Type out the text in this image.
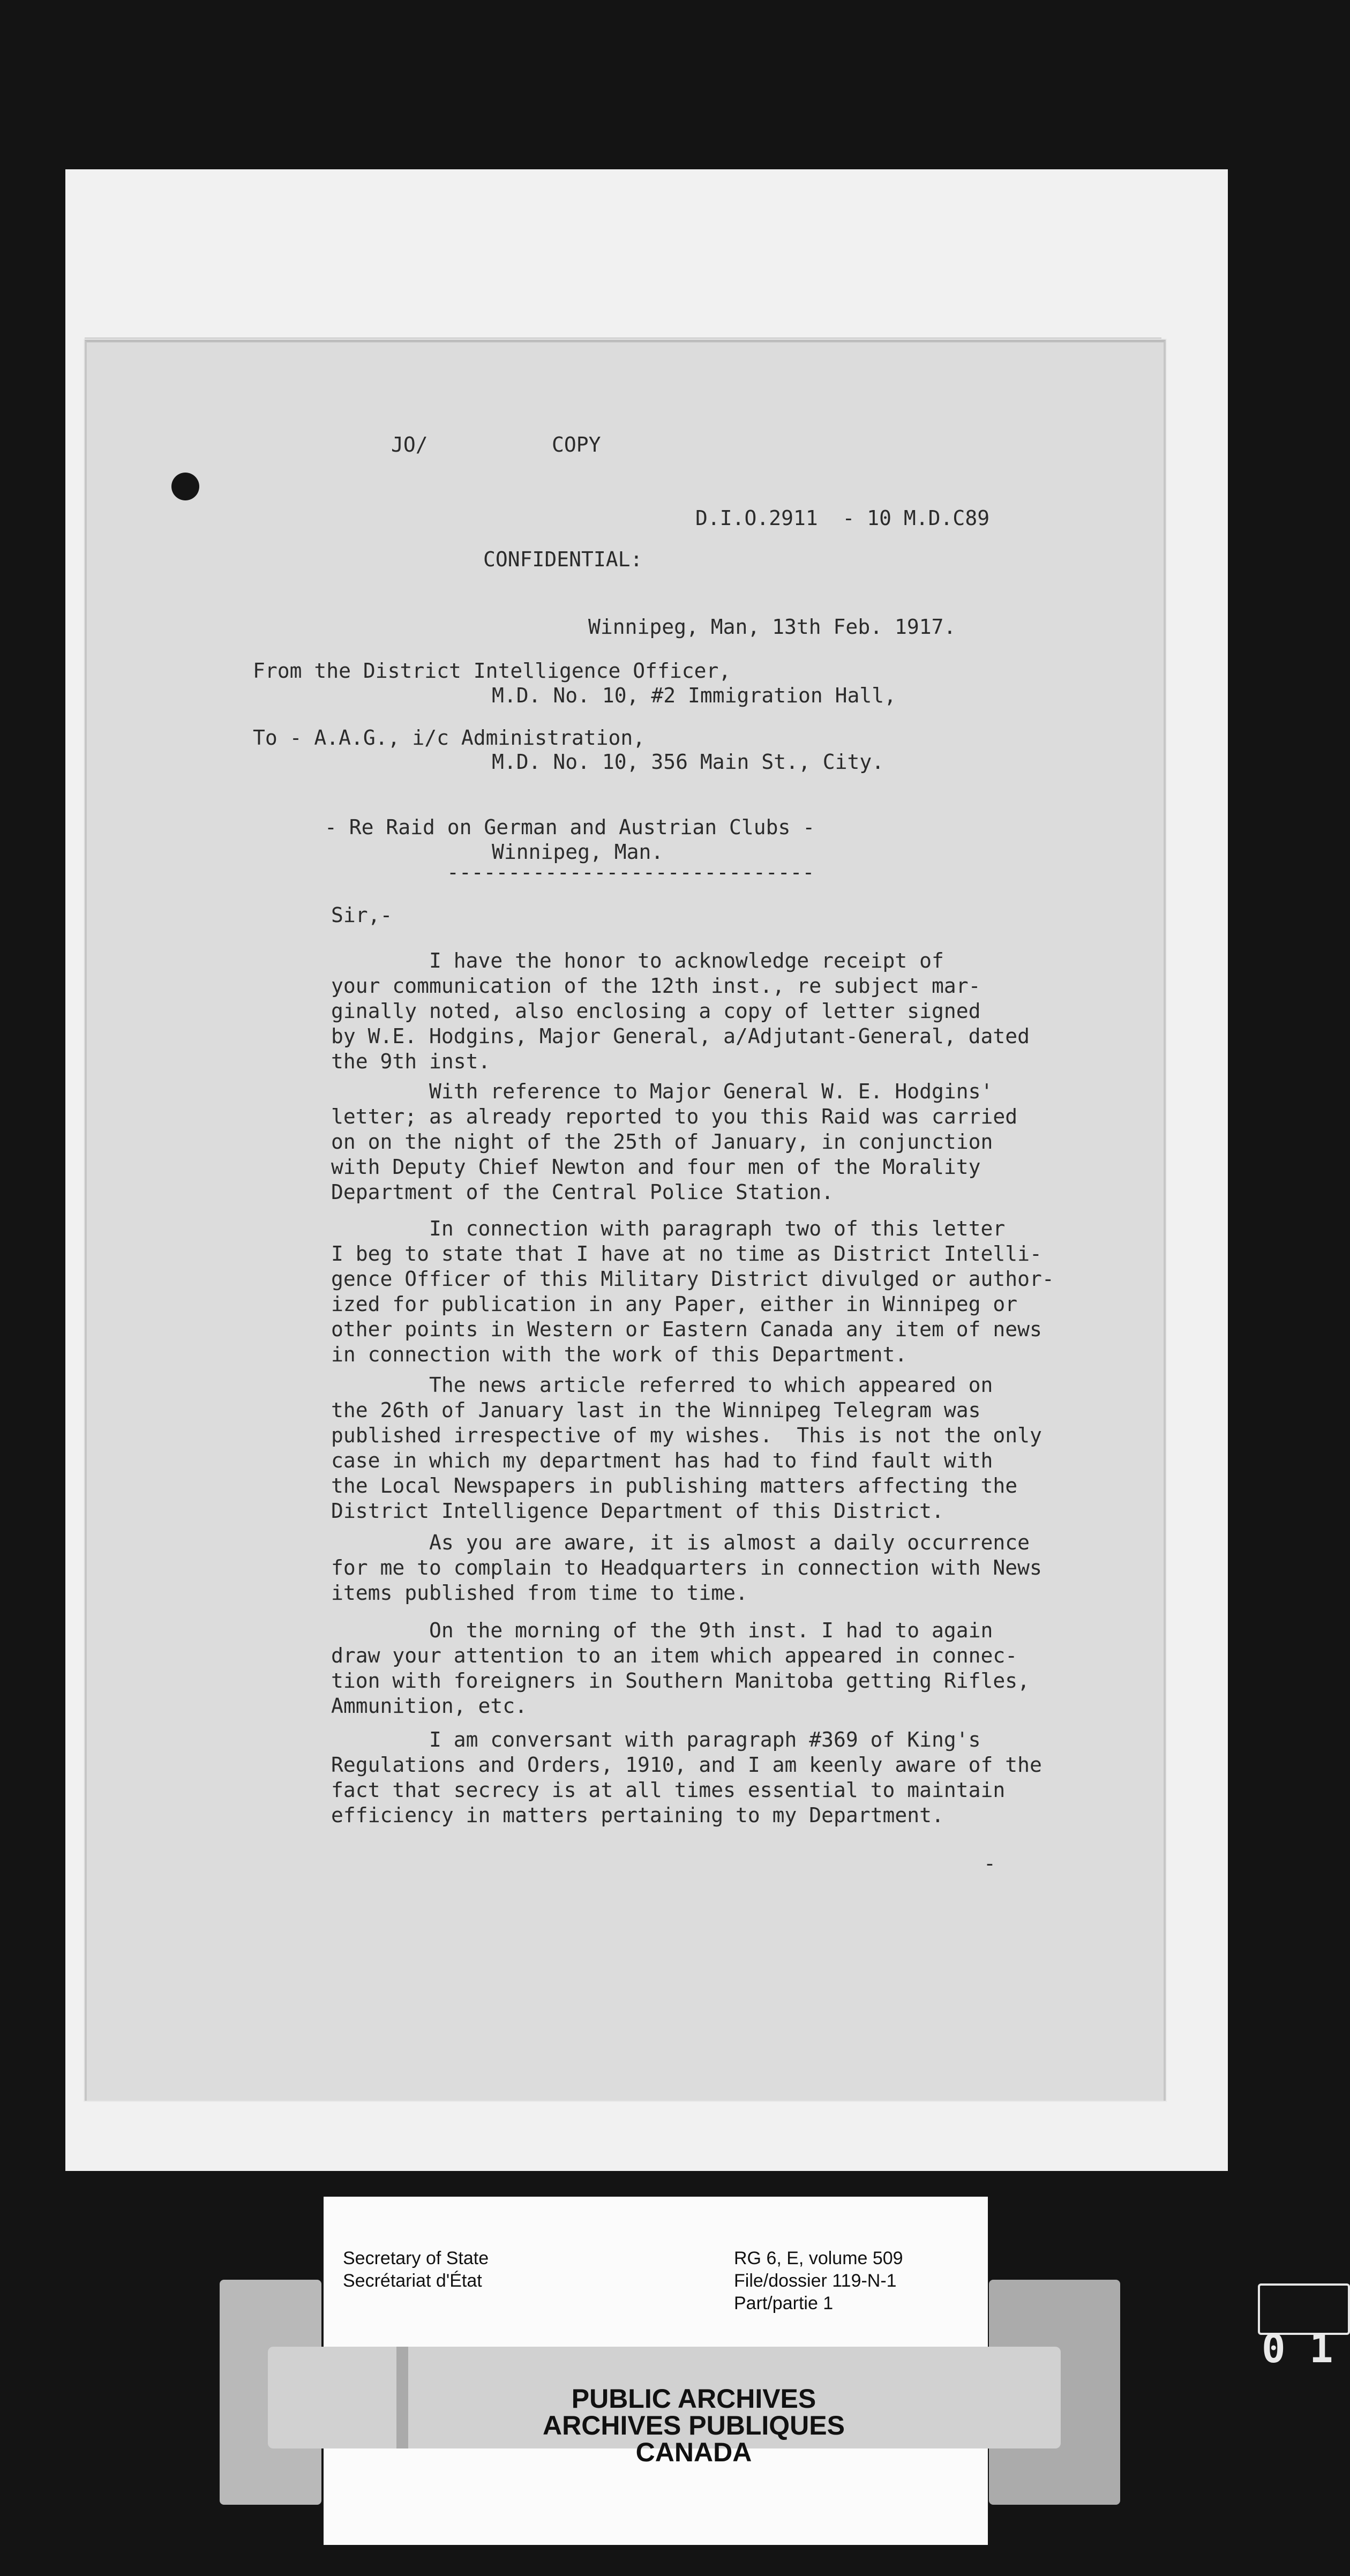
JO/	COPY

D.I.O.2911  - 10 M.D.C89

CONFIDENTIAL:

Winnipeg, Man, 13th Feb. 1917.

From the District Intelligence Officer,

M.D. No. 10, #2 Immigration Hall,

To - A.A.G., i/c Administration,

M.D. No. 10, 356 Main St., City.

- Re Raid on German and Austrian Clubs -

Winnipeg, Man.

------------------------------

Sir,-

I have the honor to acknowledge receipt of
your communication of the 12th inst., re subject mar-
ginally noted, also enclosing a copy of letter signed
by W.E. Hodgins, Major General, a/Adjutant-General, dated
the 9th inst.

With reference to Major General W. E. Hodgins'
letter; as already reported to you this Raid was carried
on on the night of the 25th of January, in conjunction
with Deputy Chief Newton and four men of the Morality
Department of the Central Police Station.

In connection with paragraph two of this letter
I beg to state that I have at no time as District Intelli-
gence Officer of this Military District divulged or author-
ized for publication in any Paper, either in Winnipeg or
other points in Western or Eastern Canada any item of news
in connection with the work of this Department.

The news article referred to which appeared on
the 26th of January last in the Winnipeg Telegram was
published irrespective of my wishes.  This is not the only
case in which my department has had to find fault with
the Local Newspapers in publishing matters affecting the
District Intelligence Department of this District.

As you are aware, it is almost a daily occurrence
for me to complain to Headquarters in connection with News
items published from time to time.

On the morning of the 9th inst. I had to again
draw your attention to an item which appeared in connec-
tion with foreigners in Southern Manitoba getting Rifles,
Ammunition, etc.

I am conversant with paragraph #369 of King's
Regulations and Orders, 1910, and I am keenly aware of the
fact that secrecy is at all times essential to maintain
efficiency in matters pertaining to my Department.

-

Secretary of State

Secrétariat d'État

RG 6, E, volume 509

File/dossier 119-N-1

Part/partie 1

PUBLIC ARCHIVES
ARCHIVES PUBLIQUES
CANADA

0 1
